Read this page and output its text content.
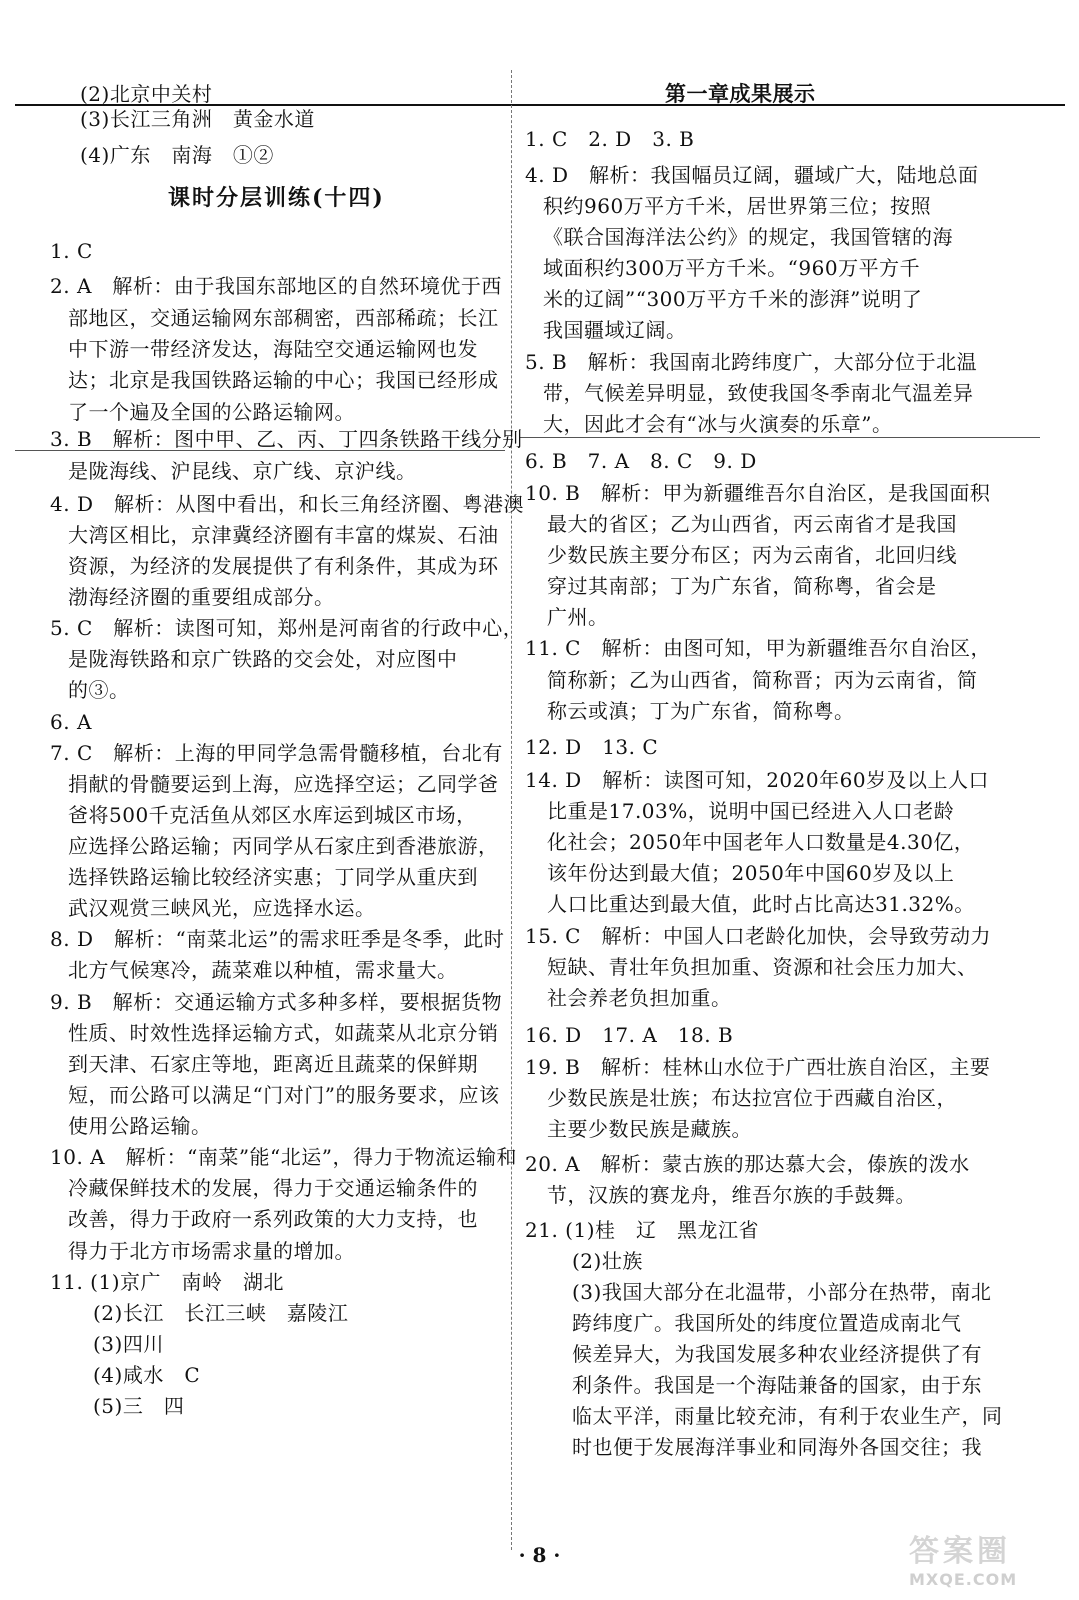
(2)北京中关村	第一章成果展示
(3)长江三角洲　黄金水道
(4)广东　南海　①②
课时分层训练(十四)
1. C
2. A　解析：由于我国东部地区的自然环境优于西
部地区，交通运输网东部稠密，西部稀疏；长江
中下游一带经济发达，海陆空交通运输网也发
达；北京是我国铁路运输的中心；我国已经形成
了一个遍及全国的公路运输网。
3. B　解析：图中甲、乙、丙、丁四条铁路干线分别
是陇海线、沪昆线、京广线、京沪线。
4. D　解析：从图中看出，和长三角经济圈、粤港澳
大湾区相比，京津冀经济圈有丰富的煤炭、石油
资源，为经济的发展提供了有利条件，其成为环
渤海经济圈的重要组成部分。
5. C　解析：读图可知，郑州是河南省的行政中心，
是陇海铁路和京广铁路的交会处，对应图中
的③。
6. A
7. C　解析：上海的甲同学急需骨髓移植，台北有
捐献的骨髓要运到上海，应选择空运；乙同学爸
爸将500千克活鱼从郊区水库运到城区市场，
应选择公路运输；丙同学从石家庄到香港旅游，
选择铁路运输比较经济实惠；丁同学从重庆到
武汉观赏三峡风光，应选择水运。
8. D　解析：“南菜北运”的需求旺季是冬季，此时
北方气候寒冷，蔬菜难以种植，需求量大。
9. B　解析：交通运输方式多种多样，要根据货物
性质、时效性选择运输方式，如蔬菜从北京分销
到天津、石家庄等地，距离近且蔬菜的保鲜期
短，而公路可以满足“门对门”的服务要求，应该
使用公路运输。
10. A　解析：“南菜”能“北运”，得力于物流运输和
冷藏保鲜技术的发展，得力于交通运输条件的
改善，得力于政府一系列政策的大力支持，也
得力于北方市场需求量的增加。
11. (1)京广　南岭　湖北
(2)长江　长江三峡　嘉陵江
(3)四川
(4)咸水　C
(5)三　四
1. C　2. D　3. B
4. D　解析：我国幅员辽阔，疆域广大，陆地总面
积约960万平方千米，居世界第三位；按照
《联合国海洋法公约》的规定，我国管辖的海
域面积约300万平方千米。“960万平方千
米的辽阔”“300万平方千米的澎湃”说明了
我国疆域辽阔。
5. B　解析：我国南北跨纬度广，大部分位于北温
带，气候差异明显，致使我国冬季南北气温差异
大，因此才会有“冰与火演奏的乐章”。
6. B　7. A　8. C　9. D
10. B　解析：甲为新疆维吾尔自治区，是我国面积
最大的省区；乙为山西省，丙云南省才是我国
少数民族主要分布区；丙为云南省，北回归线
穿过其南部；丁为广东省，简称粤，省会是
广州。
11. C　解析：由图可知，甲为新疆维吾尔自治区，
简称新；乙为山西省，简称晋；丙为云南省，简
称云或滇；丁为广东省，简称粤。
12. D　13. C
14. D　解析：读图可知，2020年60岁及以上人口
比重是17.03%，说明中国已经进入人口老龄
化社会；2050年中国老年人口数量是4.30亿，
该年份达到最大值；2050年中国60岁及以上
人口比重达到最大值，此时占比高达31.32%。
15. C　解析：中国人口老龄化加快，会导致劳动力
短缺、青壮年负担加重、资源和社会压力加大、
社会养老负担加重。
16. D　17. A　18. B
19. B　解析：桂林山水位于广西壮族自治区，主要
少数民族是壮族；布达拉宫位于西藏自治区，
主要少数民族是藏族。
20. A　解析：蒙古族的那达慕大会，傣族的泼水
节，汉族的赛龙舟，维吾尔族的手鼓舞。
21. (1)桂　辽　黑龙江省
(2)壮族
(3)我国大部分在北温带，小部分在热带，南北
跨纬度广。我国所处的纬度位置造成南北气
候差异大，为我国发展多种农业经济提供了有
利条件。我国是一个海陆兼备的国家，由于东
临太平洋，雨量比较充沛，有利于农业生产，同
时也便于发展海洋事业和同海外各国交往；我
· 8 ·	答案圈
MXQE.COM
